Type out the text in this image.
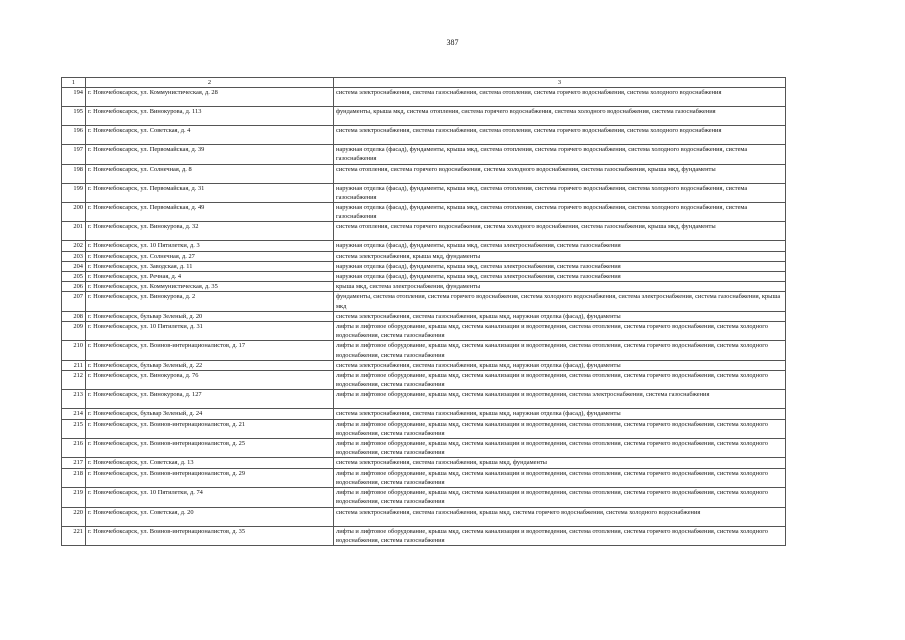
387
1	2	3
194	г. Новочебоксарск, ул. Коммунистическая, д. 28	система электроснабжения, система газоснабжения, система отопления, система горячего водоснабжения, система холодного водоснабжения
195	г. Новочебоксарск, ул. Винокурова, д. 113	фундаменты, крыша мкд, система отопления, система горячего водоснабжения, система холодного водоснабжения, система газоснабжения
196	г. Новочебоксарск, ул. Советская, д. 4	система электроснабжения, система газоснабжения, система отопления, система горячего водоснабжения, система холодного водоснабжения
197	г. Новочебоксарск, ул. Первомайская, д. 39	наружная отделка (фасад), фундаменты, крыша мкд, система отопления, система горячего водоснабжения, система холодного водоснабжения, система газоснабжения
198	г. Новочебоксарск, ул. Солнечная, д. 8	система отопления, система горячего водоснабжения, система холодного водоснабжения, система газоснабжения, крыша мкд, фундаменты
199	г. Новочебоксарск, ул. Первомайская, д. 31	наружная отделка (фасад), фундаменты, крыша мкд, система отопления, система горячего водоснабжения, система холодного водоснабжения, система газоснабжения
200	г. Новочебоксарск, ул. Первомайская, д. 49	наружная отделка (фасад), фундаменты, крыша мкд, система отопления, система горячего водоснабжения, система холодного водоснабжения, система газоснабжения
201	г. Новочебоксарск, ул. Винокурова, д. 32	система отопления, система горячего водоснабжения, система холодного водоснабжения, система газоснабжения, крыша мкд, фундаменты
202	г. Новочебоксарск, ул. 10 Пятилетки, д. 3	наружная отделка (фасад), фундаменты, крыша мкд, система электроснабжения, система газоснабжения
203	г. Новочебоксарск, ул. Солнечная, д. 27	система электроснабжения, крыша мкд, фундаменты
204	г. Новочебоксарск, ул. Заводская, д. 11	наружная отделка (фасад), фундаменты, крыша мкд, система электроснабжения, система газоснабжения
205	г. Новочебоксарск, ул. Речная, д. 4	наружная отделка (фасад), фундаменты, крыша мкд, система электроснабжения, система газоснабжения
206	г. Новочебоксарск, ул. Коммунистическая, д. 35	крыша мкд, система электроснабжения, фундаменты
207	г. Новочебоксарск, ул. Винокурова, д. 2	фундаменты, система отопления, система горячего водоснабжения, система холодного водоснабжения, система электроснабжения, система газоснабжения, крыша мкд
208	г. Новочебоксарск, бульвар Зеленый, д. 20	система электроснабжения, система газоснабжения, крыша мкд, наружная отделка (фасад), фундаменты
209	г. Новочебоксарск, ул. 10 Пятилетки, д. 31	лифты и лифтовое оборудование, крыша мкд, система канализации и водоотведения, система отопления, система горячего водоснабжения, система холодного водоснабжения, система газоснабжения
210	г. Новочебоксарск, ул. Воинов-интернационалистов, д. 17	лифты и лифтовое оборудование, крыша мкд, система канализации и водоотведения, система отопления, система горячего водоснабжения, система холодного водоснабжения, система газоснабжения
211	г. Новочебоксарск, бульвар Зеленый, д. 22	система электроснабжения, система газоснабжения, крыша мкд, наружная отделка (фасад), фундаменты
212	г. Новочебоксарск, ул. Винокурова, д. 76	лифты и лифтовое оборудование, крыша мкд, система канализации и водоотведения, система отопления, система горячего водоснабжения, система холодного водоснабжения, система газоснабжения
213	г. Новочебоксарск, ул. Винокурова, д. 127	лифты и лифтовое оборудование, крыша мкд, система канализации и водоотведения, система электроснабжения, система газоснабжения
214	г. Новочебоксарск, бульвар Зеленый, д. 24	система электроснабжения, система газоснабжения, крыша мкд, наружная отделка (фасад), фундаменты
215	г. Новочебоксарск, ул. Воинов-интернационалистов, д. 21	лифты и лифтовое оборудование, крыша мкд, система канализации и водоотведения, система отопления, система горячего водоснабжения, система холодного водоснабжения, система газоснабжения
216	г. Новочебоксарск, ул. Воинов-интернационалистов, д. 25	лифты и лифтовое оборудование, крыша мкд, система канализации и водоотведения, система отопления, система горячего водоснабжения, система холодного водоснабжения, система газоснабжения
217	г. Новочебоксарск, ул. Советская, д. 13	система электроснабжения, система газоснабжения, крыша мкд, фундаменты
218	г. Новочебоксарск, ул. Воинов-интернационалистов, д. 29	лифты и лифтовое оборудование, крыша мкд, система канализации и водоотведения, система отопления, система горячего водоснабжения, система холодного водоснабжения, система газоснабжения
219	г. Новочебоксарск, ул. 10 Пятилетки, д. 74	лифты и лифтовое оборудование, крыша мкд, система канализации и водоотведения, система отопления, система горячего водоснабжения, система холодного водоснабжения, система газоснабжения
220	г. Новочебоксарск, ул. Советская, д. 20	система электроснабжения, система газоснабжения, крыша мкд, система горячего водоснабжения, система холодного водоснабжения
221	г. Новочебоксарск, ул. Воинов-интернационалистов, д. 35	лифты и лифтовое оборудование, крыша мкд, система канализации и водоотведения, система отопления, система горячего водоснабжения, система холодного водоснабжения, система газоснабжения
